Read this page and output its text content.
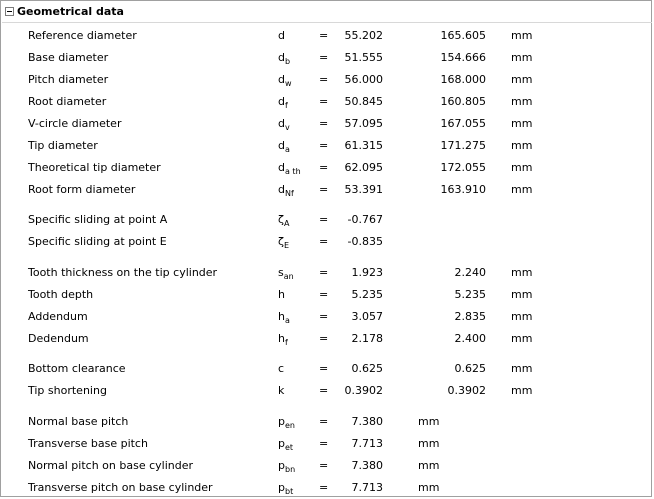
Geometrical data
Reference diameter	d	=	55.202	165.605 mm
Base diameter	$d_b$	=	51.555	154.666 mm
Pitch diameter	$d_w$ =	56.000	168.000 mm
Root diameter	$d_f$	=	50.845	160.805 mm
V-circle diameter	$d_v$	=	57.095	167.055 mm
Tip diameter	$d_a$	=	61.315	171.275 mm
Theoretical tip diameter	$d_{a th}$ =	62.095	172.055 mm
Root form diameter	$d_{Nf}$ =	53.391	163.910 mm
Specific sliding at point A	$\zeta_A$	=	-0.767
Specific sliding at point E	$\zeta_E$	=	-0.835
Tooth thickness on the tip cylinder	$s_{an}$ =	1.923	2.240 mm
Tooth depth	h	=	5.235	5.235 mm
Addendum	$h_a$	=	3.057	2.835 mm
Dedendum	$h_f$	=	2.178	2.400 mm
Bottom clearance	c	=	0.625	0.625 mm
Tip shortening	k	=	0.3902	0.3902 mm
Normal base pitch	$p_{en}$ =	7.380	mm
Transverse base pitch	$p_{et}$ =	7.713	mm
Normal pitch on base cylinder	$p_{bn}$ =	7.380	mm
Transverse pitch on base cylinder	$p_{bt}$ =	7.713	mm
